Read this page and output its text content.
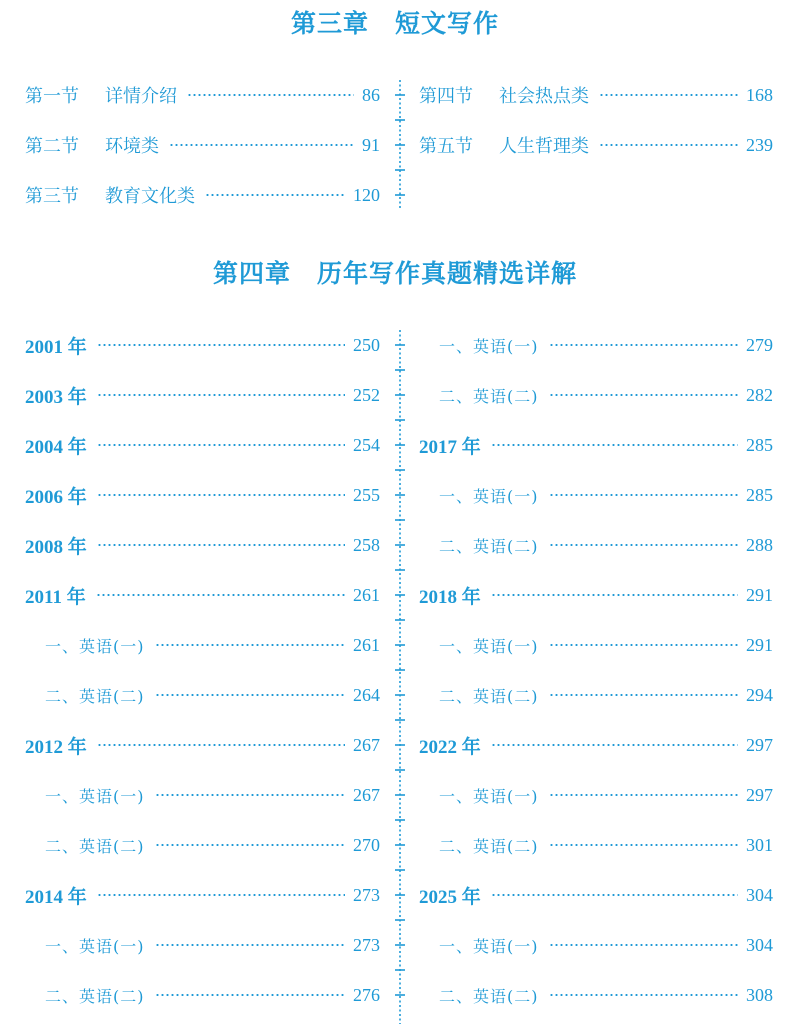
第三章　短文写作
第一节 详情介绍	86
第二节 环境类	91
第三节 教育文化类	120
第四节 社会热点类	168
第五节 人生哲理类	239
第四章　历年写作真题精选详解
2001 年	250
2003 年	252
2004 年	254
2006 年	255
2008 年	258
2011 年	261
一、英语(一)	261
二、英语(二)	264
2012 年	267
一、英语(一)	267
二、英语(二)	270
2014 年	273
一、英语(一)	273
二、英语(二)	276
一、英语(一)	279
二、英语(二)	282
2017 年	285
一、英语(一)	285
二、英语(二)	288
2018 年	291
一、英语(一)	291
二、英语(二)	294
2022 年	297
一、英语(一)	297
二、英语(二)	301
2025 年	304
一、英语(一)	304
二、英语(二)	308
